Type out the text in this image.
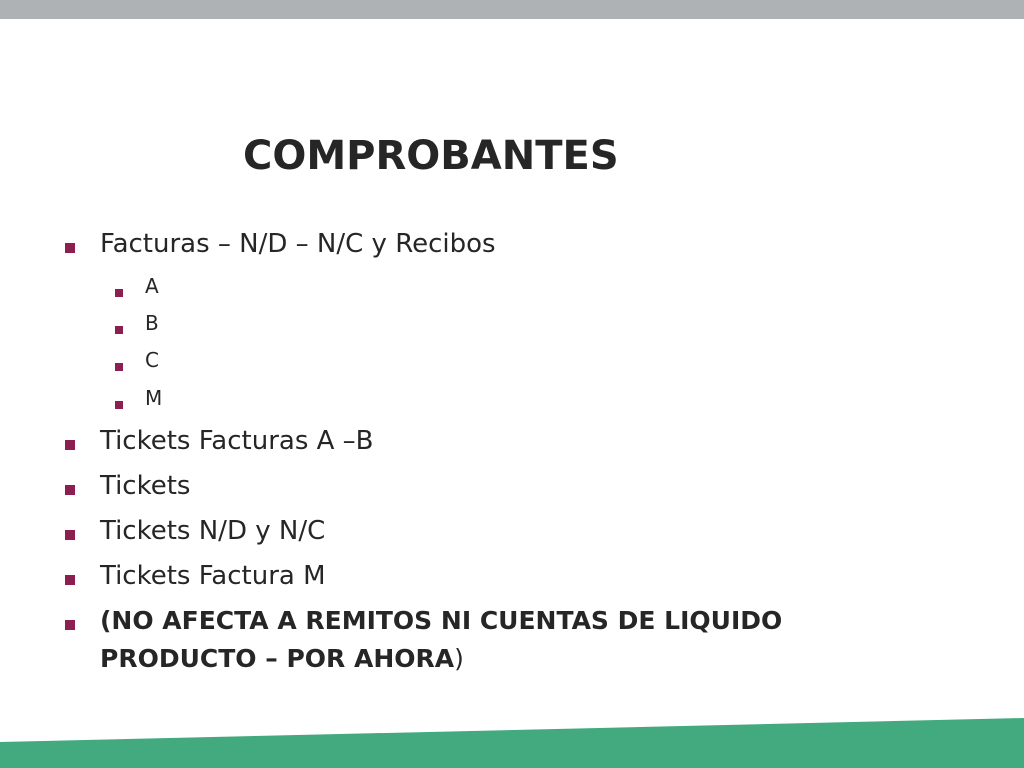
COMPROBANTES
Facturas – N/D – N/C y Recibos
A
B
C
M
Tickets Facturas A –B
Tickets
Tickets N/D y N/C
Tickets Factura M
(NO AFECTA A REMITOS NI CUENTAS DE LIQUIDO
PRODUCTO – POR AHORA)
